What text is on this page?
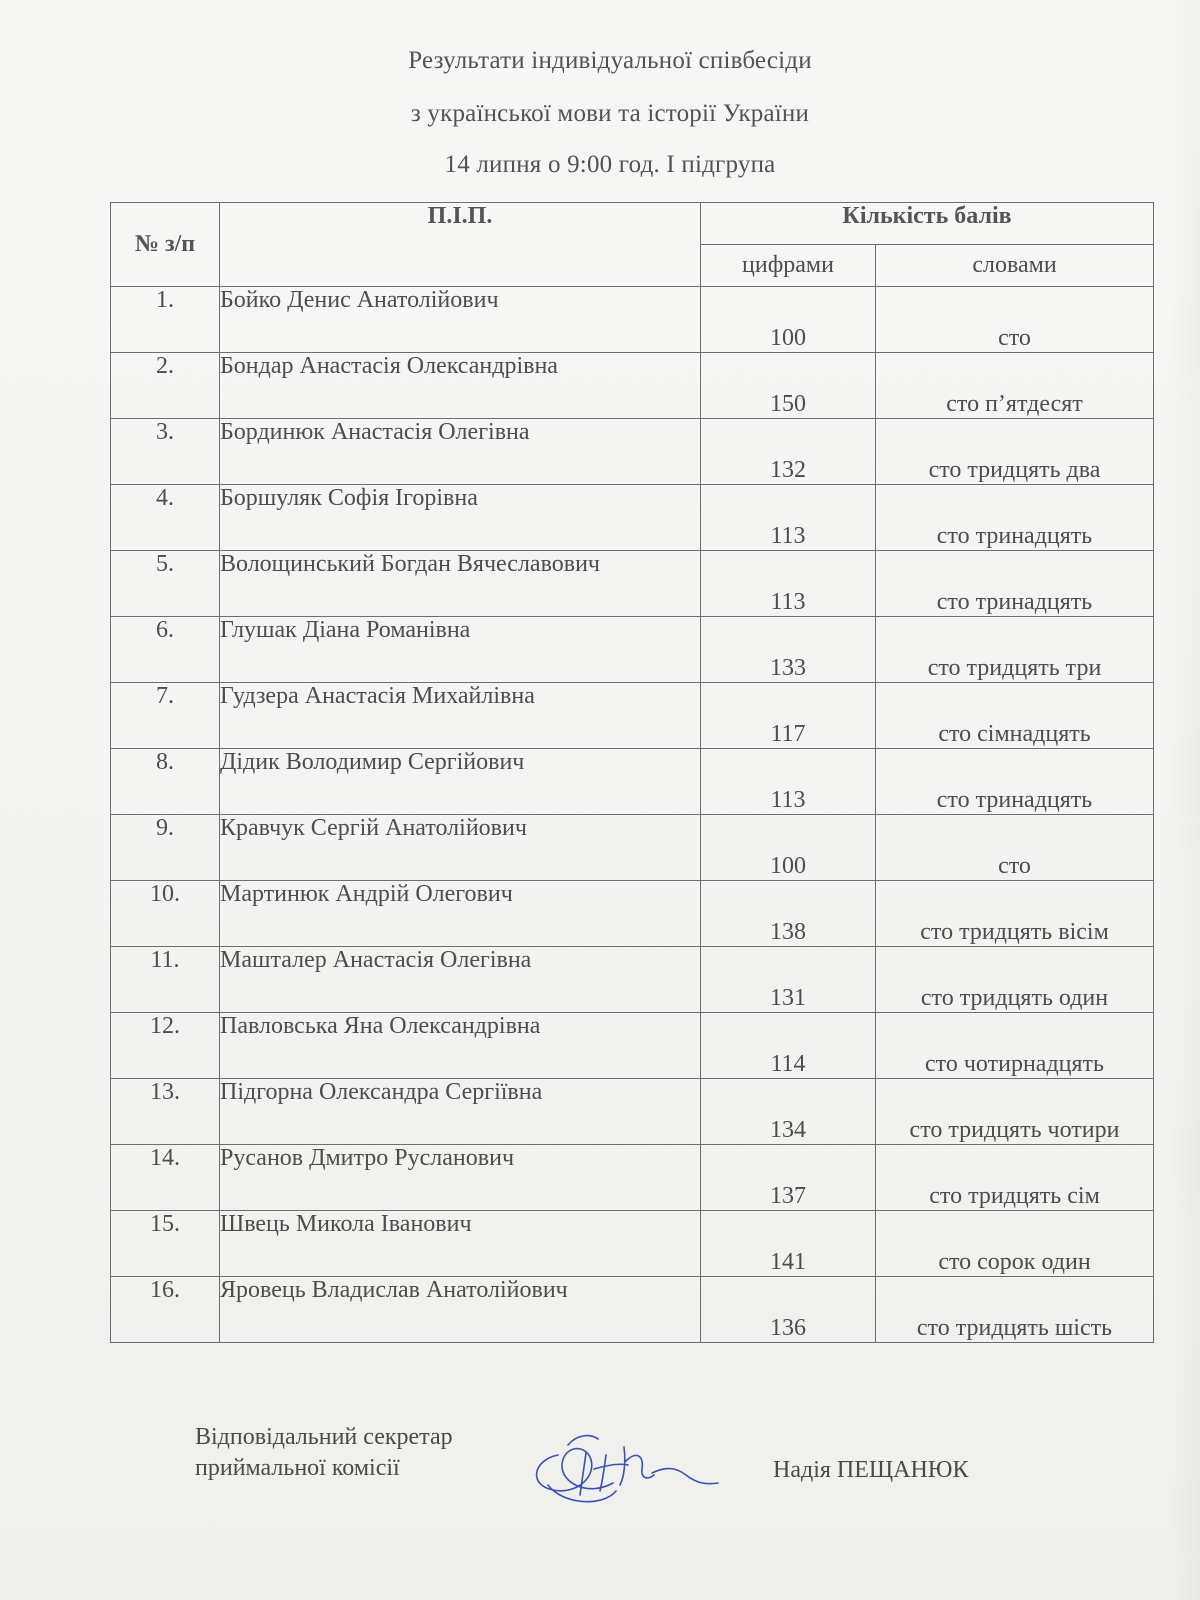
Результати індивідуальної співбесіди
з української мови та історії України
14 липня о 9:00 год. І підгрупа
№ з/п	П.І.П.	Кількість балів	
		цифрами	словами
1.	Бойко Денис Анатолійович	100	сто
2.	Бондар Анастасія Олександрівна	150	сто п’ятдесят
3.	Бординюк Анастасія Олегівна	132	сто тридцять два
4.	Боршуляк Софія Ігорівна	113	сто тринадцять
5.	Волощинський Богдан Вячеславович	113	сто тринадцять
6.	Глушак Діана Романівна	133	сто тридцять три
7.	Гудзера Анастасія Михайлівна	117	сто сімнадцять
8.	Дідик Володимир Сергійович	113	сто тринадцять
9.	Кравчук Сергій Анатолійович	100	сто
10.	Мартинюк Андрій Олегович	138	сто тридцять вісім
11.	Машталер Анастасія Олегівна	131	сто тридцять один
12.	Павловська Яна Олександрівна	114	сто чотирнадцять
13.	Підгорна Олександра Сергіївна	134	сто тридцять чотири
14.	Русанов Дмитро Русланович	137	сто тридцять сім
15.	Швець Микола Іванович	141	сто сорок один
16.	Яровець Владислав Анатолійович	136	сто тридцять шість
Відповідальний секретар
приймальної комісії	Надія ПЕЩАНЮК
